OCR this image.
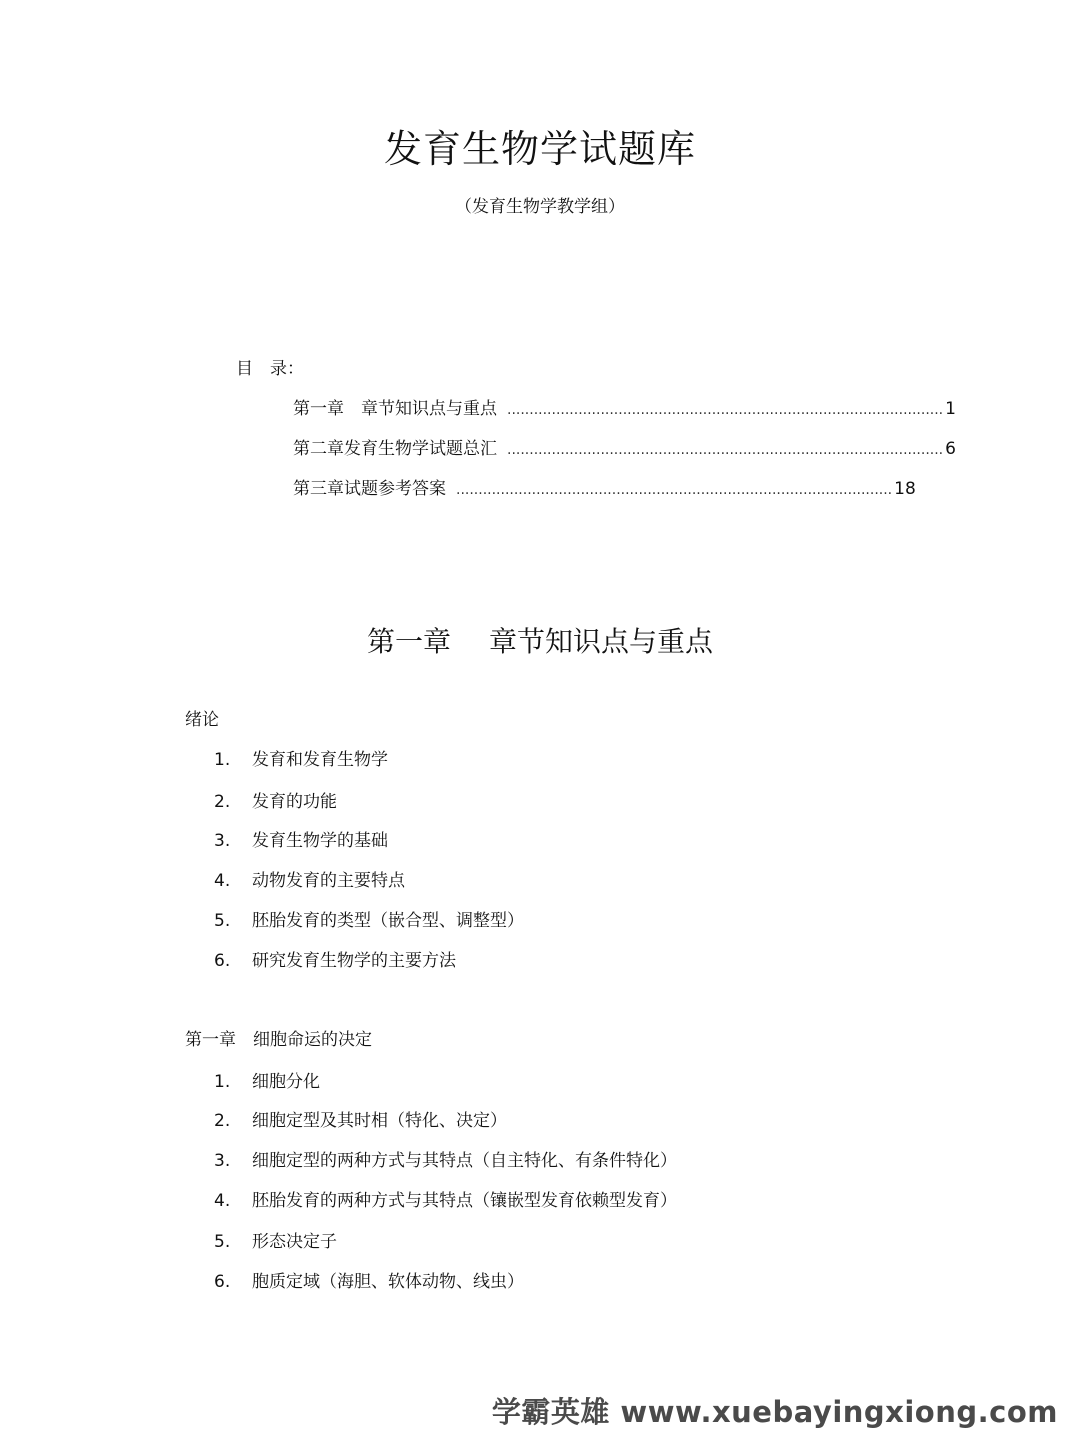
发育生物学试题库
（发育生物学教学组）
目　录：
第一章 　章节知识点与重点 .................................................................................................. 1
第二章 发育生物学试题总汇 .................................................................................................. 6
第三章 试题参考答案 .................................................................................................. 18
第一章 章节知识点与重点
绪论
1. 发育和发育生物学
2. 发育的功能
3. 发育生物学的基础
4. 动物发育的主要特点
5. 胚胎发育的类型（嵌合型、调整型）
6. 研究发育生物学的主要方法
第一章　细胞命运的决定
1. 细胞分化
2. 细胞定型及其时相（特化、决定）
3. 细胞定型的两种方式与其特点（自主特化、有条件特化）
4. 胚胎发育的两种方式与其特点（镶嵌型发育依赖型发育）
5. 形态决定子
6. 胞质定域（海胆、软体动物、线虫）
学霸英雄 www.xuebayingxiong.com
